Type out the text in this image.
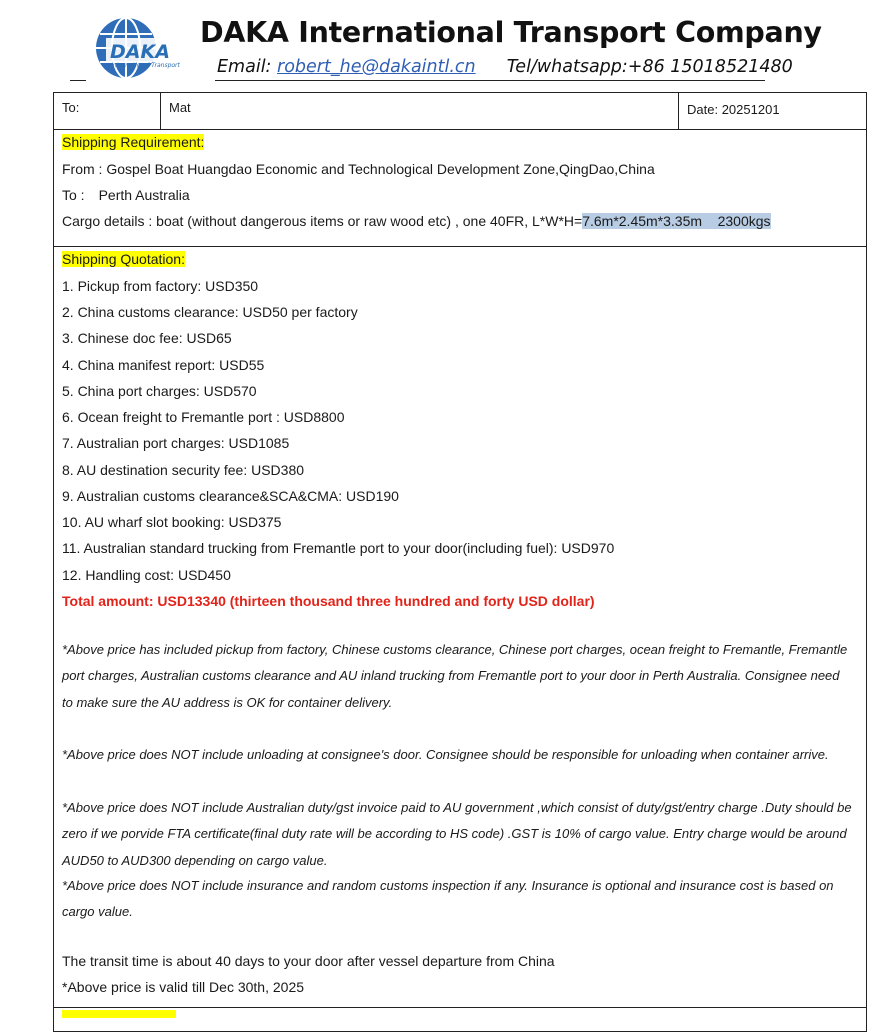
DAKA
International Transport
DAKA International Transport Company
Email: robert_he@dakaintl.cn Tel/whatsapp:+86 15018521480
To:	Mat	Date: 20251201
Shipping Requirement:
From : Gospel Boat Huangdao Economic and Technological Development Zone,QingDao,China
To : Perth Australia
Cargo details : boat (without dangerous items or raw wood etc) , one 40FR, L*W*H=7.6m*2.45m*3.35m    2300kgs
Shipping Quotation:
1. Pickup from factory: USD350
2. China customs clearance: USD50 per factory
3. Chinese doc fee: USD65
4. China manifest report: USD55
5. China port charges: USD570
6. Ocean freight to Fremantle port : USD8800
7. Australian port charges: USD1085
8. AU destination security fee: USD380
9. Australian customs clearance&SCA&CMA: USD190
10. AU wharf slot booking: USD375
11. Australian standard trucking from Fremantle port to your door(including fuel): USD970
12. Handling cost: USD450
Total amount: USD13340 (thirteen thousand three hundred and forty USD dollar)
*Above price has included pickup from factory, Chinese customs clearance, Chinese port charges, ocean freight to Fremantle, Fremantle port charges, Australian customs clearance and AU inland trucking from Fremantle port to your door in Perth Australia. Consignee need to make sure the AU address is OK for container delivery.
*Above price does NOT include unloading at consignee's door. Consignee should be responsible for unloading when container arrive.
*Above price does NOT include Australian duty/gst invoice paid to AU government ,which consist of duty/gst/entry charge .Duty should be zero if we porvide FTA certificate(final duty rate will be according to HS code) .GST is 10% of cargo value. Entry charge would be around AUD50 to AUD300 depending on cargo value.
*Above price does NOT include insurance and random customs inspection if any. Insurance is optional and insurance cost is based on cargo value.
The transit time is about 40 days to your door after vessel departure from China
*Above price is valid till Dec 30th, 2025
